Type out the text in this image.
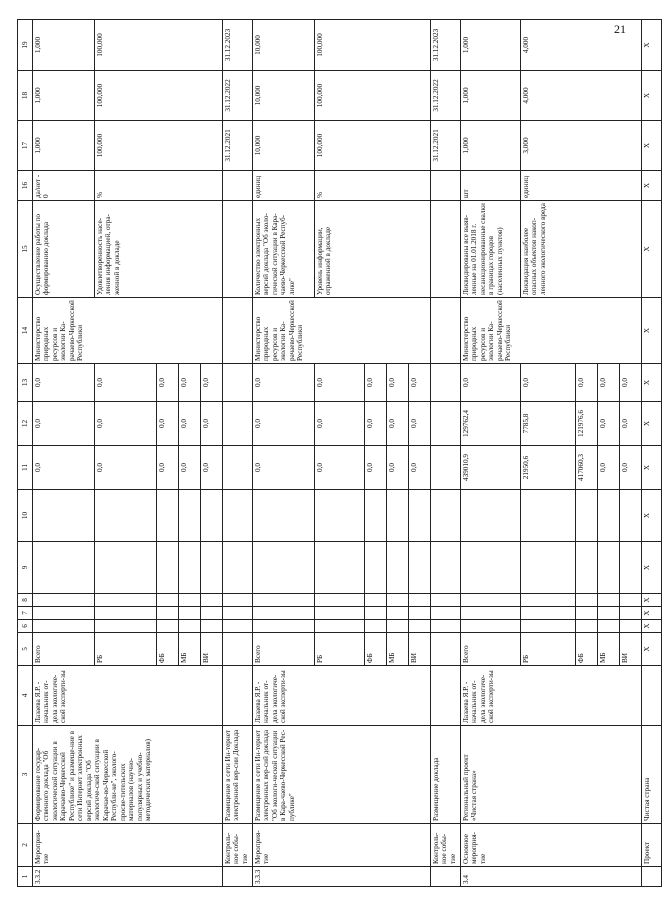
21
1	2	3	4	5	6	7	8	9	10	11	12	13	14	15	16	17	18	19
3.3.2	Мероприя-тие	Формирование государ-ственного доклада "Об экологической ситуации в Карачаево-Черкесской Республике" и размеще-ние в сети Интернет электронных версий доклада "Об экологиче-ской ситуации в Карачае-во-Черкесской Республи-ке", эколого-просве-тительских материалов (научно-популярных и учебно-методических материалов)	Лазаева Я.Р. - начальник от-дела экологиче-ской эксперти-зы	Всего						0,0	0,0	0,0	Министерство природных ресурсов и экологии Ка-рачаево-Черкесской Республики	Осуществление работы по формированию доклада	да/нет - 0	1,000	1,000	1,000
				РБ						0,0	0,0	0,0		Удовлетворенность насе-ления информацией, отра-женной в докладе	%	100,000	100,000	100,000
				ФБ						0,0	0,0	0,0						
				МБ						0,0	0,0	0,0						
				ВИ						0,0	0,0	0,0						
	Контроль-ное собы-тие	Размещение в сети Ин-тернет электронной вер-сии Доклада														31.12.2021	31.12.2022	31.12.2023
3.3.3	Мероприя-тие	Размещение в сети Ин-тернет электронных вер-сий доклада "Об экологи-ческой ситуации в Кара-чаево-Черкесской Рес-публике"	Лазаева Я.Р. - начальник от-дела экологиче-ской эксперти-зы	Всего						0,0	0,0	0,0	Министерство природных ресурсов и экологии Ка-рачаево-Черкесской Республики	Количество электронных версий доклада "Об эколо-гической ситуации в Кара-чаево-Черкесской Респуб-лике"	единиц	10,000	10,000	10,000
				РБ						0,0	0,0	0,0		Уровень информации, отраженной в докладе	%	100,000	100,000	100,000
				ФБ						0,0	0,0	0,0						
				МБ						0,0	0,0	0,0						
				ВИ						0,0	0,0	0,0						
	Контроль-ное собы-тие	Размещение доклада														31.12.2021	31.12.2022	31.12.2023
3.4	Основное мероприя-тие	Региональный проект «Чистая страна»	Лазаева Я.Р. - начальник от-дела экологиче-ской эксперти-зы	Всего						439010,9	129762,4	0,0	Министерство природных ресурсов и экологии Ка-рачаево-Черкесской Республики	Ликвидированы все выяв-ленные на 01.01.2018 г. несанкционированные свалки в границах городов (населенных пунктов)	шт	1,000	1,000	1,000
				РБ						21950,6	7785,8	0,0		Ликвидация наиболее опасных объектов накоп-ленного экологического вреда	единиц	3,000	4,000	4,000
				ФБ						417060,3	121976,6	0,0						
				МБ						0,0	0,0	0,0						
				ВИ						0,0	0,0	0,0						
	Проект	Чистая страна		X	X	X	X	X	X	X	X	X	X	X	X	X	X	X
